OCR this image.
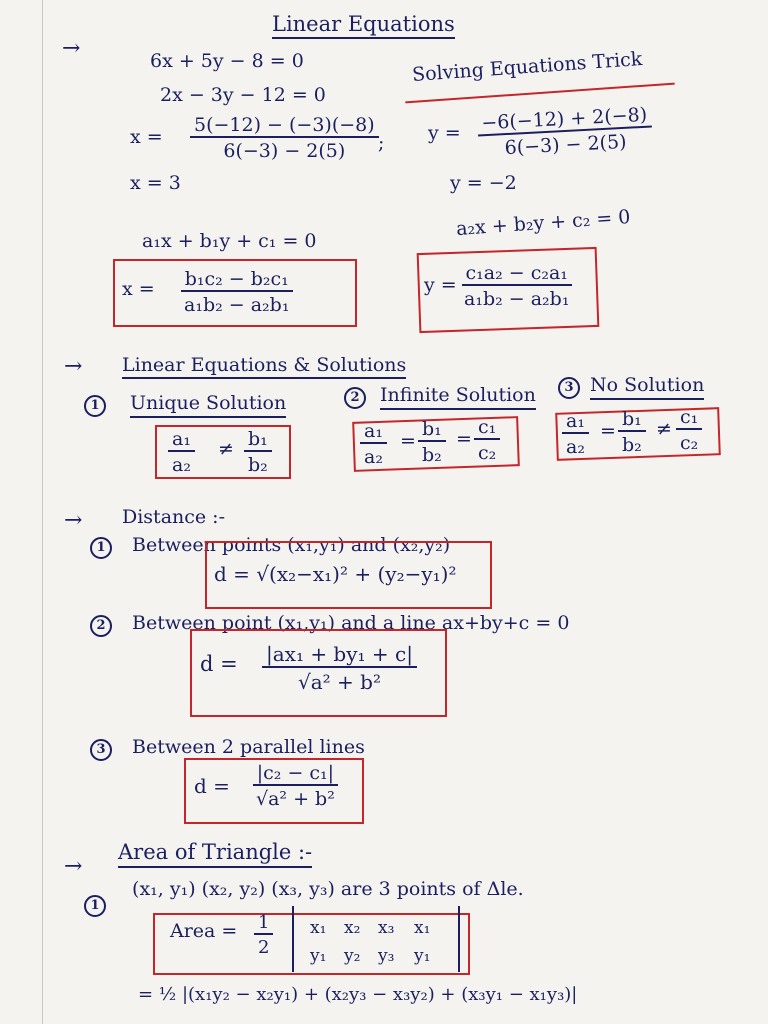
Linear Equations
→	6x + 5y − 8 = 0
2x − 3y − 12 = 0
Solving Equations Trick
$x = \frac{5(-12) - (-3)(-8)}{6(-3) - 2(5)}$ ; y = −6(−12) + 2(−8)
6(−3) − 2(5)
x = 3	y = −2
a₁x + b₁y + c₁ = 0
a₂x + b₂y + c₂ = 0
$x = \frac{\text{b₁c₂ − b₂c₁}}{\text{a₁b₂ − a₂b₁}}$	$y = \frac{\text{c₁a₂ − c₂a₁}}{\text{a₁b₂ − a₂b₁}}$
→ Linear Equations & Solutions
1 Unique Solution	2 Infinite Solution	3 No Solution
$\frac{\text{a₁}}{\text{a₂}} \ne \frac{\text{b₁}}{\text{b₂}}$	$\frac{\text{a₁}}{\text{a₂}} = \frac{\text{b₁}}{\text{b₂}} = \frac{\text{c₁}}{\text{c₂}}$	$\frac{\text{a₁}}{\text{a₂}} = \frac{\text{b₁}}{\text{b₂}} \ne \frac{\text{c₁}}{\text{c₂}}$
→ Distance :-
1 Between points (x₁,y₁) and (x₂,y₂)
d = √(x₂−x₁)² + (y₂−y₁)²
2 Between point (x₁,y₁) and a line ax+by+c = 0
$d = \frac{\text{|ax₁ + by₁ + c|}}{\text{√a² + b²}}$
3 Between 2 parallel lines
$d = \frac{\text{|c₂ − c₁|}}{\text{√a² + b²}}$
→
Area of Triangle :-
1 (x₁, y₁) (x₂, y₂) (x₃, y₃) are 3 points of Δle.
Area = $\frac{1}{2} x_1$ x₂ x₃ x₁
y₁ y₂ y₃ y₁
= ½ |(x₁y₂ − x₂y₁) + (x₂y₃ − x₃y₂) + (x₃y₁ − x₁y₃)|
